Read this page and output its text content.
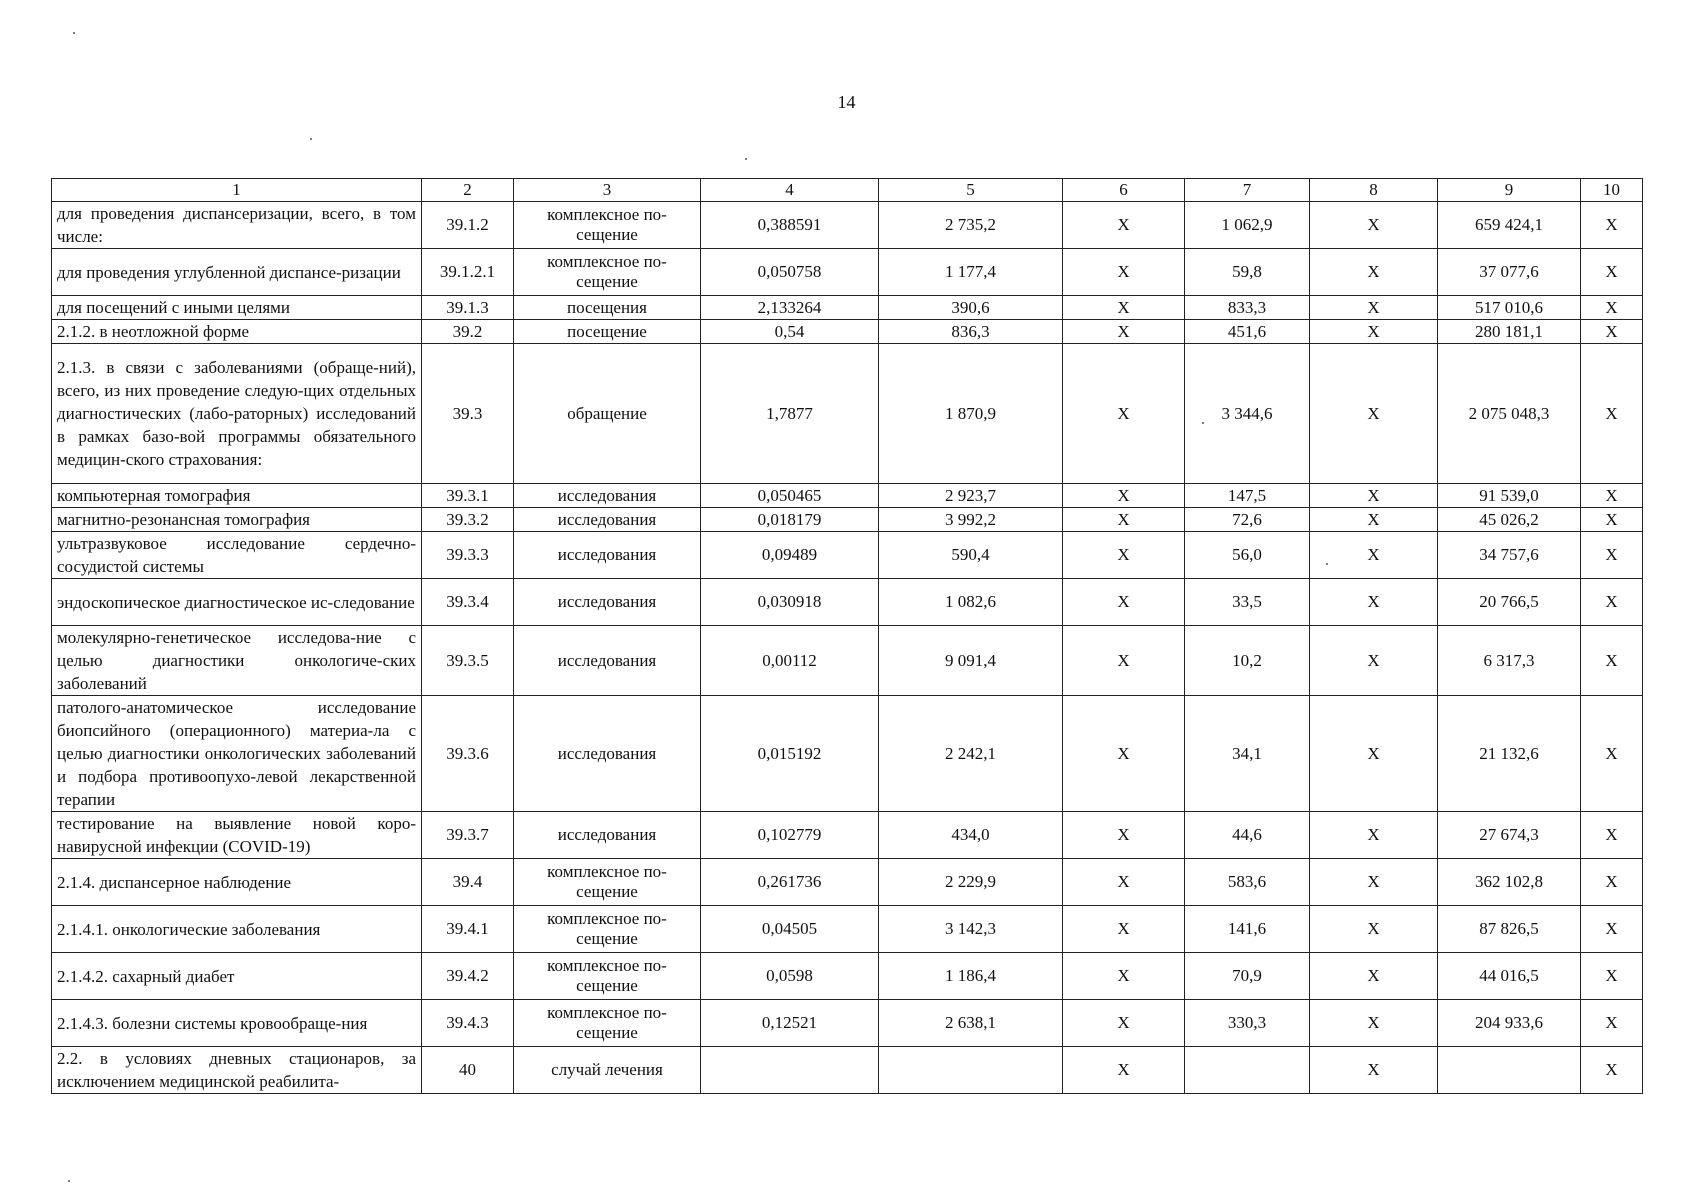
14
1	2	3	4	5	6	7	8	9	10
для проведения диспансеризации, всего, в том числе:	39.1.2	комплексное по-сещение	0,388591	2 735,2	X	1 062,9	X	659 424,1	X
для проведения углубленной диспансе-ризации	39.1.2.1	комплексное по-сещение	0,050758	1 177,4	X	59,8	X	37 077,6	X
для посещений с иными целями	39.1.3	посещения	2,133264	390,6	X	833,3	X	517 010,6	X
2.1.2. в неотложной форме	39.2	посещение	0,54	836,3	X	451,6	X	280 181,1	X
2.1.3. в связи с заболеваниями (обраще-ний), всего, из них проведение следую-щих отдельных диагностических (лабо-раторных) исследований в рамках базо-вой программы обязательного медицин-ского страхования:	39.3	обращение	1,7877	1 870,9	X	3 344,6	X	2 075 048,3	X
компьютерная томография	39.3.1	исследования	0,050465	2 923,7	X	147,5	X	91 539,0	X
магнитно-резонансная томография	39.3.2	исследования	0,018179	3 992,2	X	72,6	X	45 026,2	X
ультразвуковое исследование сердечно-сосудистой системы	39.3.3	исследования	0,09489	590,4	X	56,0	X	34 757,6	X
эндоскопическое диагностическое ис-следование	39.3.4	исследования	0,030918	1 082,6	X	33,5	X	20 766,5	X
молекулярно-генетическое исследова-ние с целью диагностики онкологиче-ских заболеваний	39.3.5	исследования	0,00112	9 091,4	X	10,2	X	6 317,3	X
патолого-анатомическое исследование биопсийного (операционного) материа-ла с целью диагностики онкологических заболеваний и подбора противоопухо-левой лекарственной терапии	39.3.6	исследования	0,015192	2 242,1	X	34,1	X	21 132,6	X
тестирование на выявление новой коро-навирусной инфекции (COVID-19)	39.3.7	исследования	0,102779	434,0	X	44,6	X	27 674,3	X
2.1.4. диспансерное наблюдение	39.4	комплексное по-сещение	0,261736	2 229,9	X	583,6	X	362 102,8	X
2.1.4.1. онкологические заболевания	39.4.1	комплексное по-сещение	0,04505	3 142,3	X	141,6	X	87 826,5	X
2.1.4.2. сахарный диабет	39.4.2	комплексное по-сещение	0,0598	1 186,4	X	70,9	X	44 016,5	X
2.1.4.3. болезни системы кровообраще-ния	39.4.3	комплексное по-сещение	0,12521	2 638,1	X	330,3	X	204 933,6	X
2.2. в условиях дневных стационаров, за исключением медицинской реабилита-	40	случай лечения			X		X		X
